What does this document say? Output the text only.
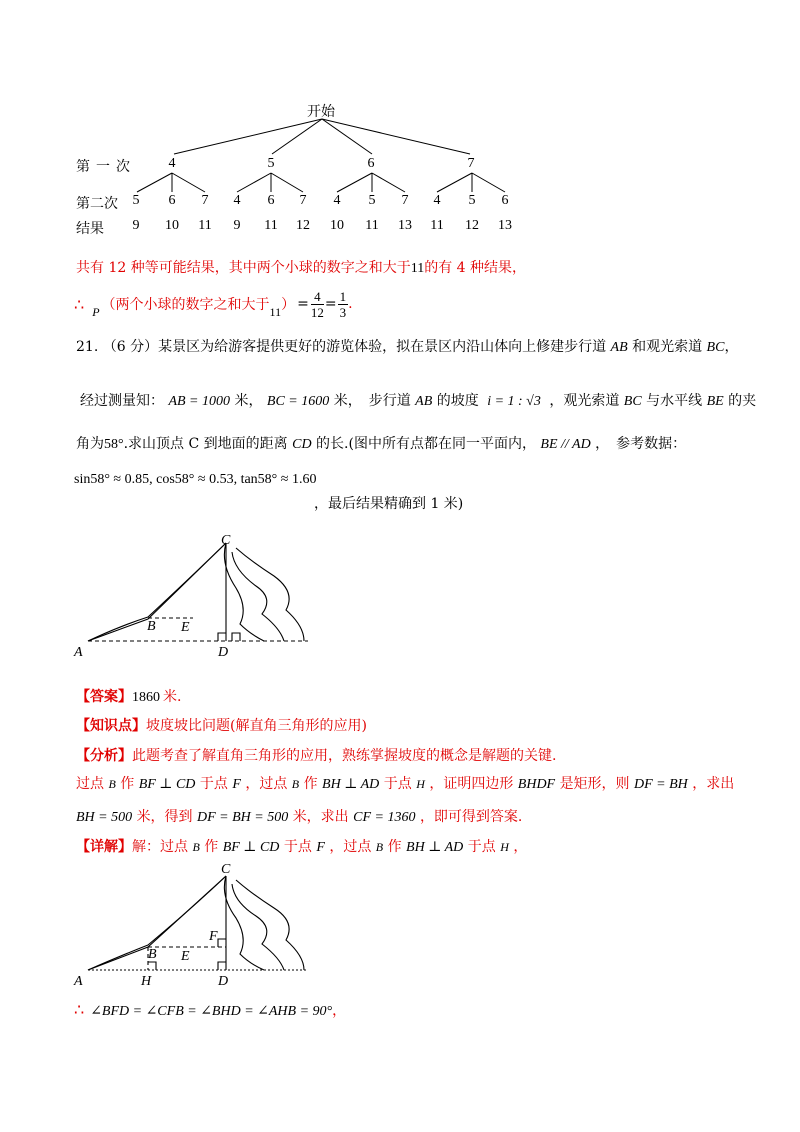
开始
第一次
第二次
结果
4	5	6	7
5	6	7	4	6	7	4	5	7	4	5	6
9	10	11	9	11	12	10	11	13	11	12	13
共有 12 种等可能结果，其中两个小球的数字之和大于11的有 4 种结果，
∴ P （两个小球的数字之和大于 11 ） = $\frac{4}{12} = \frac{1}{3}$ .
21. （6 分）某景区为给游客提供更好的游览体验，拟在景区内沿山体向上修建步行道 AB 和观光索道 BC，
经过测量知： AB = 1000 米， BC = 1600 米，　步行道 AB 的坡度 i = 1 : √3 ，观光索道 BC 与水平线 BE 的夹
角为58°.求山顶点 C 到地面的距离 CD 的长.(图中所有点都在同一平面内， BE // AD ，　参考数据：
sin58° ≈ 0.85, cos58° ≈ 0.53, tan58° ≈ 1.60
，最后结果精确到 1 米)
C
B E
A	D
【答案】1860 米.
【知识点】坡度坡比问题(解直角三角形的应用)
【分析】此题考查了解直角三角形的应用，熟练掌握坡度的概念是解题的关键.
过点 B 作 BF ⊥ CD 于点 F ，过点 B 作 BH ⊥ AD 于点 H ，证明四边形 BHDF 是矩形，则 DF = BH ，求出
BH = 500 米，得到 DF = BH = 500 米，求出 CF = 1360 ，即可得到答案.
【详解】解：过点 B 作 BF ⊥ CD 于点 F ，过点 B 作 BH ⊥ AD 于点 H ，
C
F
B E
A	H	D
∴ ∠BFD = ∠CFB = ∠BHD = ∠AHB = 90°，
